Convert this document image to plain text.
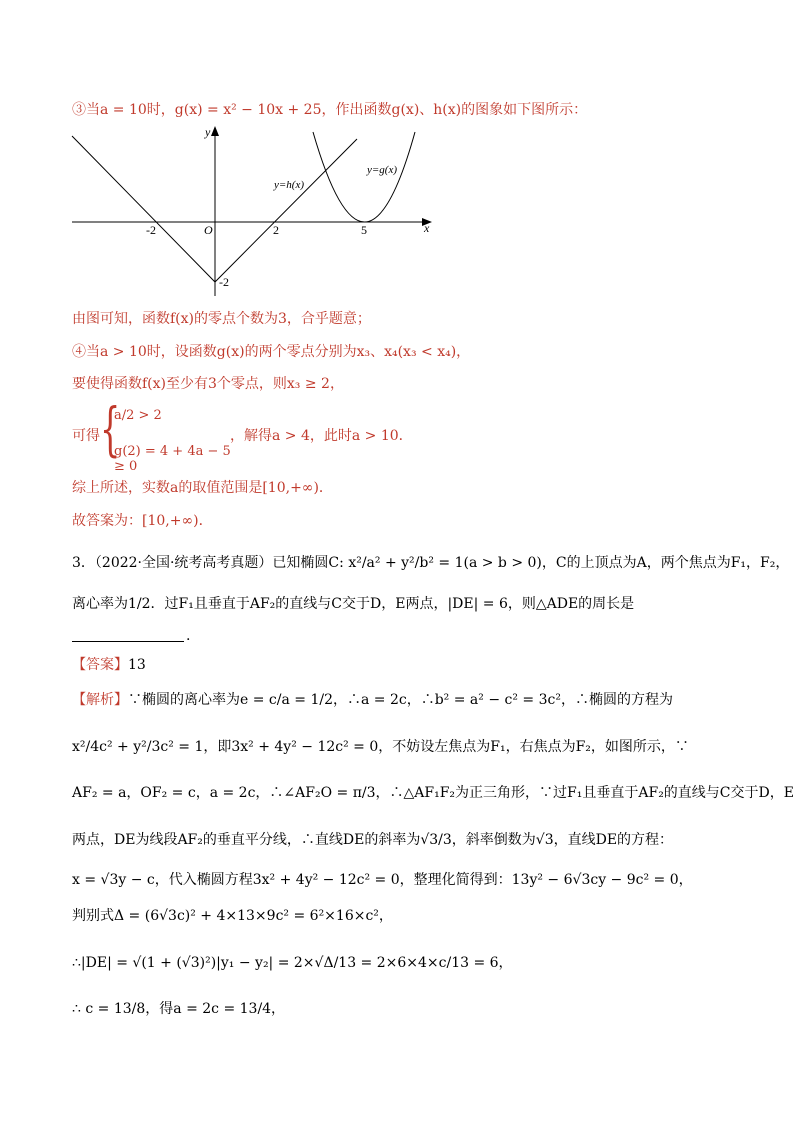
③当a = 10时，g(x) = x² − 10x + 25，作出函数g(x)、h(x)的图象如下图所示：
y
x
O
-2	2	5
-2
y=h(x)
y=g(x)
由图可知，函数f(x)的零点个数为3，合乎题意；
④当a > 10时，设函数g(x)的两个零点分别为x₃、x₄(x₃ < x₄)，
要使得函数f(x)至少有3个零点，则x₃ ≥ 2，
可得 {
a/2 > 2
g(2) = 4 + 4a − 5 ≥ 0
，解得a > 4，此时a > 10．
综上所述，实数a的取值范围是[10,+∞)．
故答案为：[10,+∞)．
3．（2022·全国·统考高考真题）已知椭圆C: x²/a² + y²/b² = 1(a > b > 0)，C的上顶点为A，两个焦点为F₁，F₂，
离心率为1/2．过F₁且垂直于AF₂的直线与C交于D，E两点，|DE| = 6，则△ADE的周长是
.
【答案】13
【解析】∵椭圆的离心率为e = c/a = 1/2，∴a = 2c，∴b² = a² − c² = 3c²，∴椭圆的方程为
x²/4c² + y²/3c² = 1，即3x² + 4y² − 12c² = 0，不妨设左焦点为F₁，右焦点为F₂，如图所示，∵
AF₂ = a，OF₂ = c，a = 2c，∴∠AF₂O = π/3，∴△AF₁F₂为正三角形，∵过F₁且垂直于AF₂的直线与C交于D，E
两点，DE为线段AF₂的垂直平分线，∴直线DE的斜率为√3/3，斜率倒数为√3，直线DE的方程：
x = √3y − c，代入椭圆方程3x² + 4y² − 12c² = 0，整理化简得到：13y² − 6√3cy − 9c² = 0，
判别式Δ = (6√3c)² + 4×13×9c² = 6²×16×c²，
∴|DE| = √(1 + (√3)²)|y₁ − y₂| = 2×√Δ/13 = 2×6×4×c/13 = 6，
∴ c = 13/8，得a = 2c = 13/4，
